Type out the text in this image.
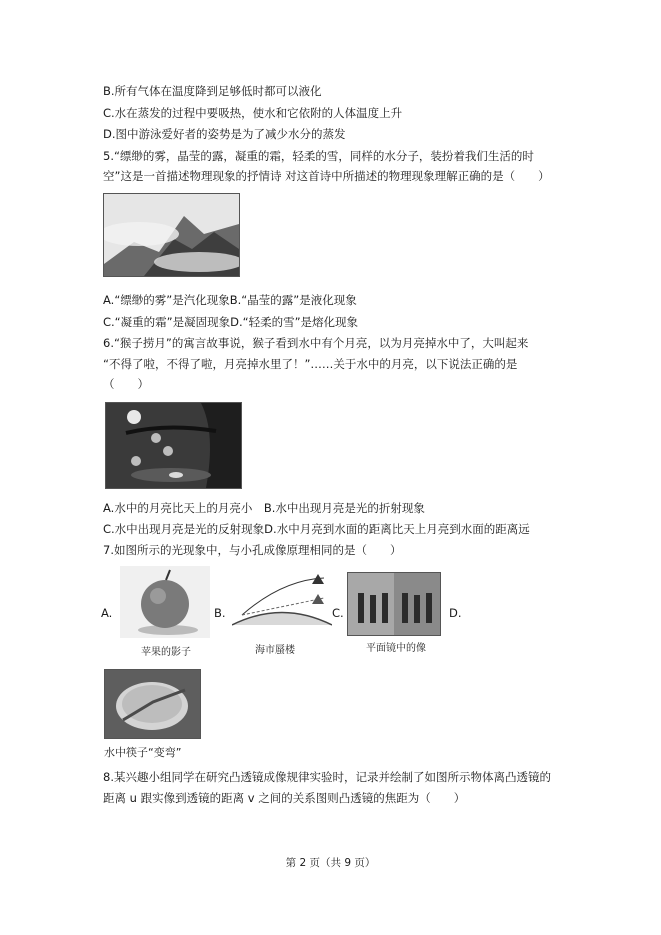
B.所有气体在温度降到足够低时都可以液化
C.水在蒸发的过程中要吸热，使水和它依附的人体温度上升
D.图中游泳爱好者的姿势是为了减少水分的蒸发
5.“缥缈的雾，晶莹的露，凝重的霜，轻柔的雪，同样的水分子，装扮着我们生活的时
空”这是一首描述物理现象的抒情诗 对这首诗中所描述的物理现象理解正确的是（　　）
A.“缥缈的雾”是汽化现象B.“晶莹的露”是液化现象
C.“凝重的霜”是凝固现象D.“轻柔的雪”是熔化现象
6.“猴子捞月”的寓言故事说，猴子看到水中有个月亮，以为月亮掉水中了，大叫起来
“不得了啦，不得了啦，月亮掉水里了！”……关于水中的月亮，以下说法正确的是
（　　）
A.水中的月亮比天上的月亮小　B.水中出现月亮是光的折射现象
C.水中出现月亮是光的反射现象D.水中月亮到水面的距离比天上月亮到水面的距离远
7.如图所示的光现象中，与小孔成像原理相同的是（　　）
A.
苹果的影子
B.
海市蜃楼
C.
平面镜中的像
D.
水中筷子“变弯”
8.某兴趣小组同学在研究凸透镜成像规律实验时，记录并绘制了如图所示物体离凸透镜的
距离 u 跟实像到透镜的距离 v 之间的关系图则凸透镜的焦距为（　　）
第 2 页（共 9 页）
